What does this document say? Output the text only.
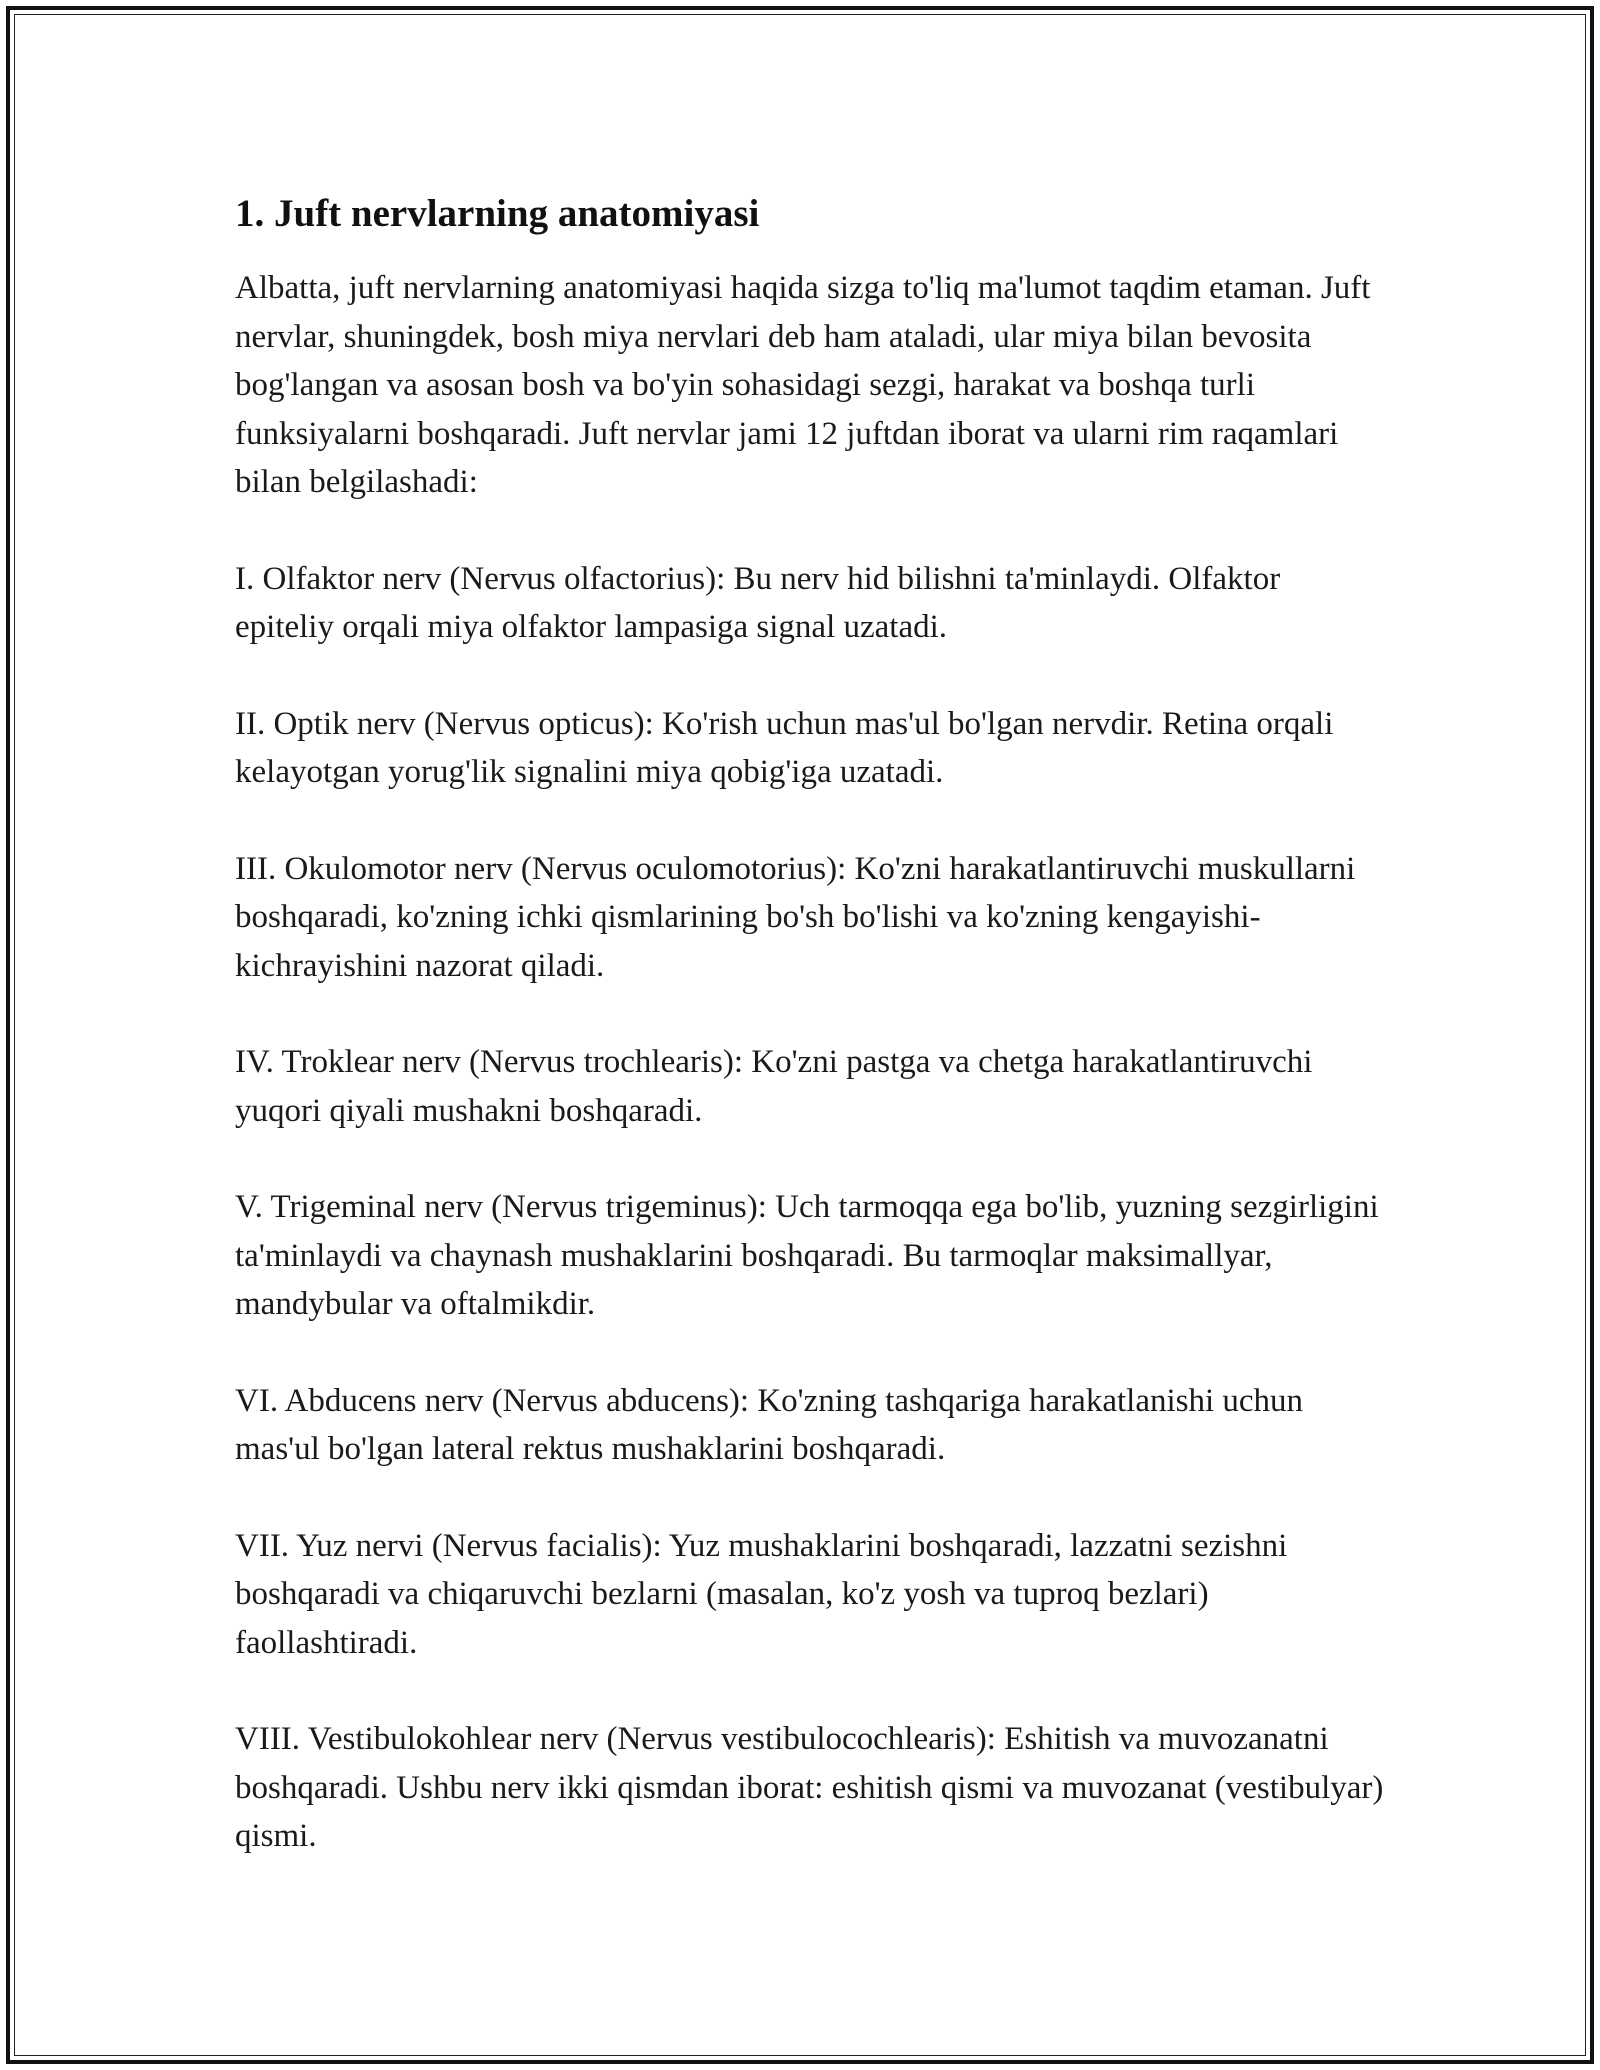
1. Juft nervlarning anatomiyasi

Albatta, juft nervlarning anatomiyasi haqida sizga to'liq ma'lumot taqdim etaman. Juft nervlar, shuningdek, bosh miya nervlari deb ham ataladi, ular miya bilan bevosita bog'langan va asosan bosh va bo'yin sohasidagi sezgi, harakat va boshqa turli funksiyalarni boshqaradi. Juft nervlar jami 12 juftdan iborat va ularni rim raqamlari bilan belgilashadi:

I. Olfaktor nerv (Nervus olfactorius): Bu nerv hid bilishni ta'minlaydi. Olfaktor epiteliy orqali miya olfaktor lampasiga signal uzatadi.

II. Optik nerv (Nervus opticus): Ko'rish uchun mas'ul bo'lgan nervdir. Retina orqali kelayotgan yorug'lik signalini miya qobig'iga uzatadi.

III. Okulomotor nerv (Nervus oculomotorius): Ko'zni harakatlantiruvchi muskullarni boshqaradi, ko'zning ichki qismlarining bo'sh bo'lishi va ko'zning kengayishi-kichrayishini nazorat qiladi.

IV. Troklear nerv (Nervus trochlearis): Ko'zni pastga va chetga harakatlantiruvchi yuqori qiyali mushakni boshqaradi.

V. Trigeminal nerv (Nervus trigeminus): Uch tarmoqqa ega bo'lib, yuzning sezgirligini ta'minlaydi va chaynash mushaklarini boshqaradi. Bu tarmoqlar maksimallyar, mandybular va oftalmikdir.

VI. Abducens nerv (Nervus abducens): Ko'zning tashqariga harakatlanishi uchun mas'ul bo'lgan lateral rektus mushaklarini boshqaradi.

VII. Yuz nervi (Nervus facialis): Yuz mushaklarini boshqaradi, lazzatni sezishni boshqaradi va chiqaruvchi bezlarni (masalan, ko'z yosh va tuproq bezlari) faollashtiradi.

VIII. Vestibulokohlear nerv (Nervus vestibulocochlearis): Eshitish va muvozanatni boshqaradi. Ushbu nerv ikki qismdan iborat: eshitish qismi va muvozanat (vestibulyar) qismi.
